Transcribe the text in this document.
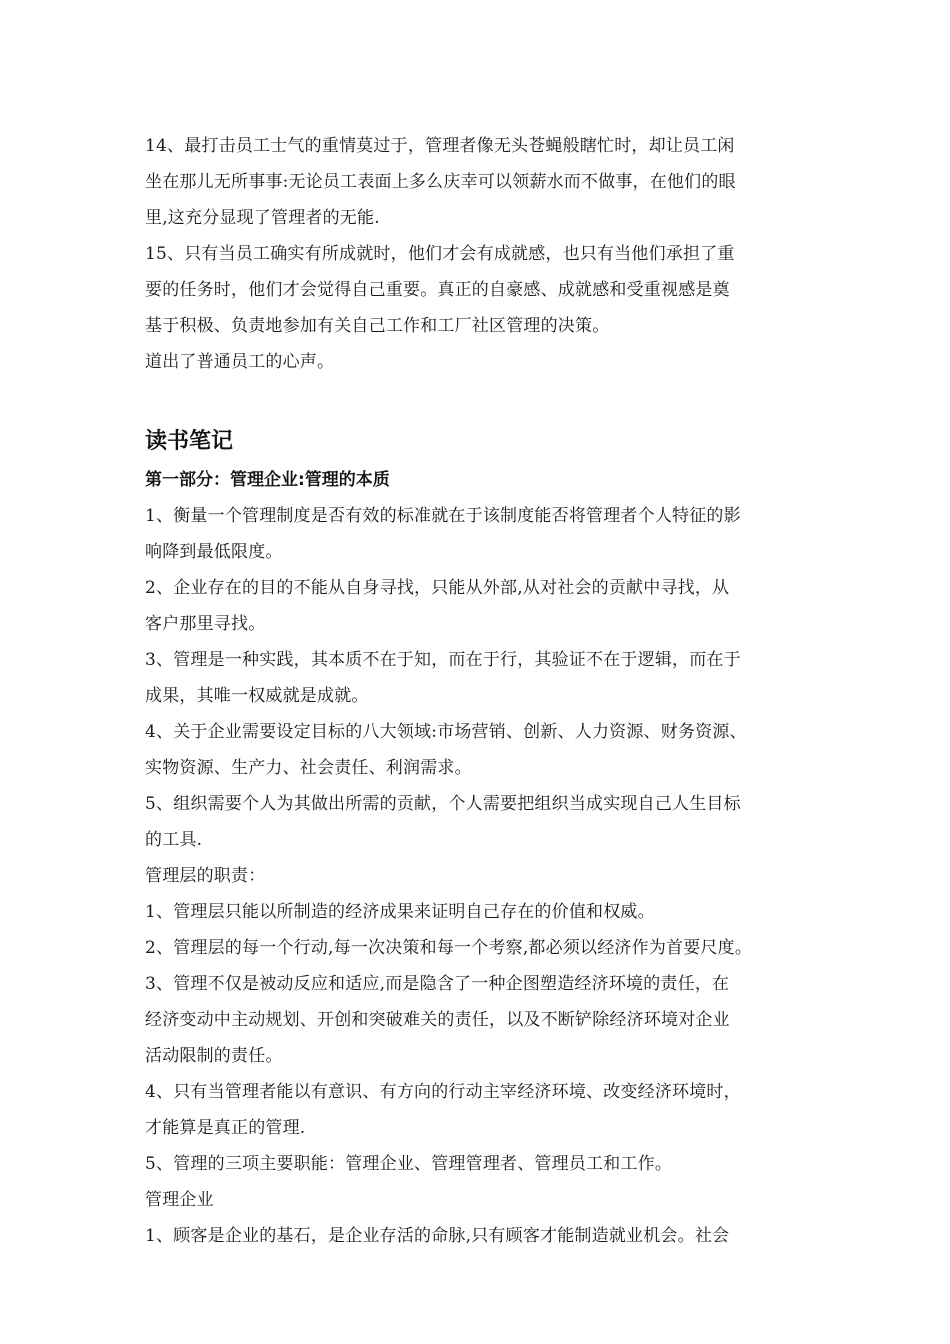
14、最打击员工士气的重情莫过于，管理者像无头苍蝇般瞎忙时，却让员工闲
坐在那儿无所事事:无论员工表面上多么庆幸可以领薪水而不做事，在他们的眼
里,这充分显现了管理者的无能.
15、只有当员工确实有所成就时，他们才会有成就感，也只有当他们承担了重
要的任务时，他们才会觉得自己重要。真正的自豪感、成就感和受重视感是奠
基于积极、负责地参加有关自己工作和工厂社区管理的决策。
道出了普通员工的心声。
读书笔记
第一部分：管理企业:管理的本质
1、衡量一个管理制度是否有效的标准就在于该制度能否将管理者个人特征的影
响降到最低限度。
2、企业存在的目的不能从自身寻找，只能从外部,从对社会的贡献中寻找，从
客户那里寻找。
3、管理是一种实践，其本质不在于知，而在于行，其验证不在于逻辑，而在于
成果，其唯一权威就是成就。
4、关于企业需要设定目标的八大领域:市场营销、创新、人力资源、财务资源、
实物资源、生产力、社会责任、利润需求。
5、组织需要个人为其做出所需的贡献，个人需要把组织当成实现自己人生目标
的工具.
管理层的职责：
1、管理层只能以所制造的经济成果来证明自己存在的价值和权威。
2、管理层的每一个行动,每一次决策和每一个考察,都必须以经济作为首要尺度。
3、管理不仅是被动反应和适应,而是隐含了一种企图塑造经济环境的责任，在
经济变动中主动规划、开创和突破难关的责任，以及不断铲除经济环境对企业
活动限制的责任。
4、只有当管理者能以有意识、有方向的行动主宰经济环境、改变经济环境时，
才能算是真正的管理.
5、管理的三项主要职能：管理企业、管理管理者、管理员工和工作。
管理企业
1、顾客是企业的基石，是企业存活的命脉,只有顾客才能制造就业机会。社会
